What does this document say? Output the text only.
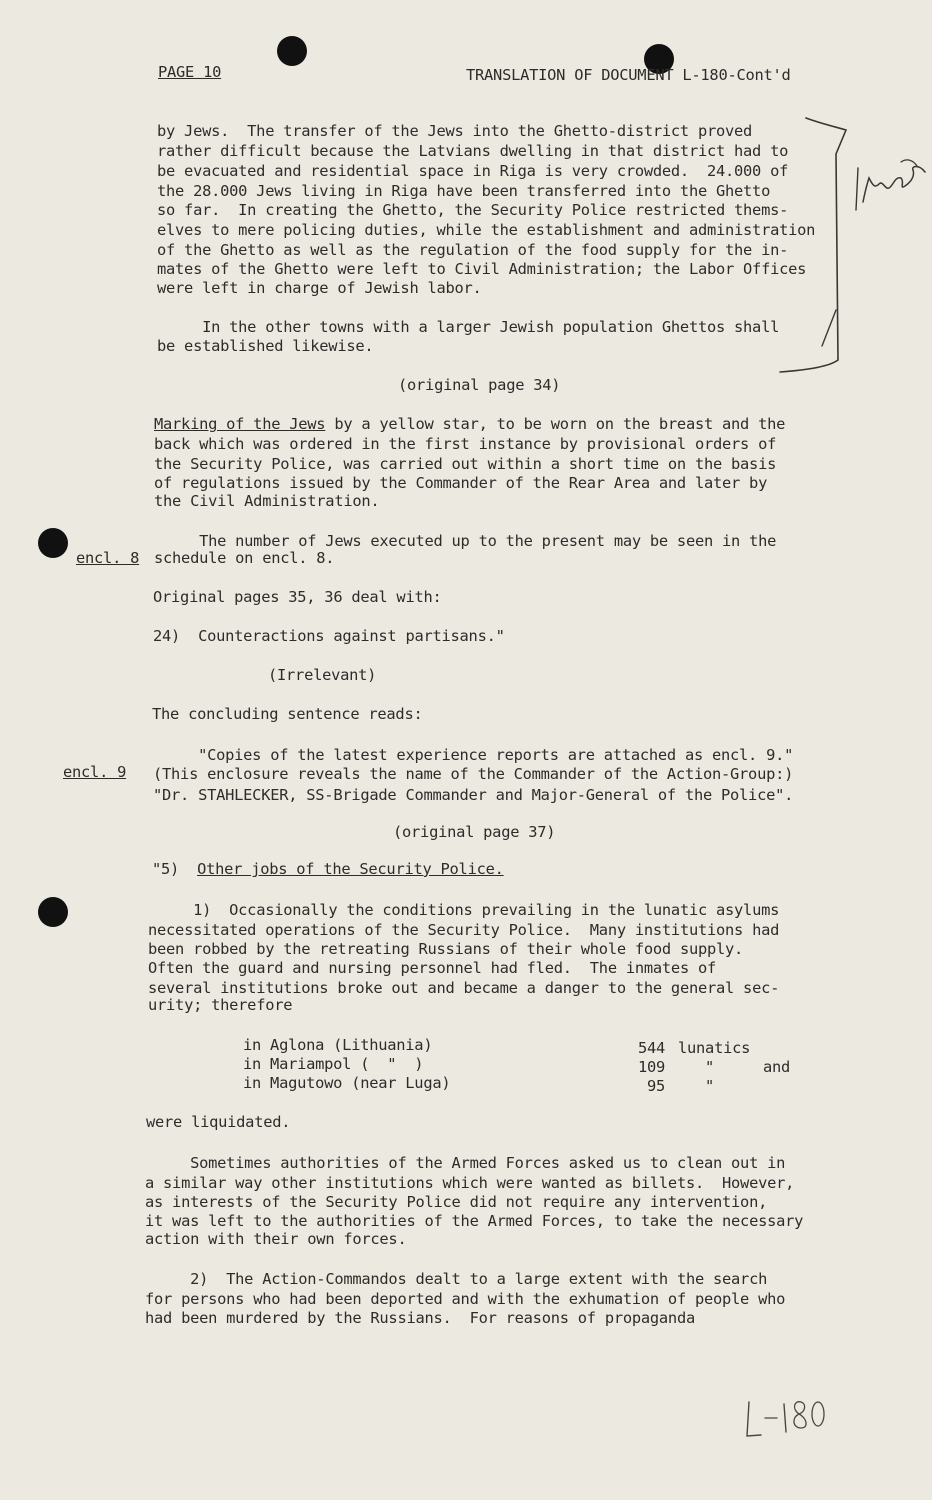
PAGE 10	TRANSLATION OF DOCUMENT L-180-Cont'd
by Jews.  The transfer of the Jews into the Ghetto-district proved
rather difficult because the Latvians dwelling in that district had to
be evacuated and residential space in Riga is very crowded.  24.000 of
the 28.000 Jews living in Riga have been transferred into the Ghetto
so far.  In creating the Ghetto, the Security Police restricted thems-
elves to mere policing duties, while the establishment and administration
of the Ghetto as well as the regulation of the food supply for the in-
mates of the Ghetto were left to Civil Administration; the Labor Offices
were left in charge of Jewish labor.
In the other towns with a larger Jewish population Ghettos shall
be established likewise.
(original page 34)
Marking of the Jews by a yellow star, to be worn on the breast and the
back which was ordered in the first instance by provisional orders of
the Security Police, was carried out within a short time on the basis
of regulations issued by the Commander of the Rear Area and later by
the Civil Administration.
encl. 8
The number of Jews executed up to the present may be seen in the
schedule on encl. 8.
Original pages 35, 36 deal with:
24)  Counteractions against partisans."
(Irrelevant)
The concluding sentence reads:
encl. 9
"Copies of the latest experience reports are attached as encl. 9."
(This enclosure reveals the name of the Commander of the Action-Group:)
"Dr. STAHLECKER, SS-Brigade Commander and Major-General of the Police".
(original page 37)
"5)  Other jobs of the Security Police.
1)  Occasionally the conditions prevailing in the lunatic asylums
necessitated operations of the Security Police.  Many institutions had
been robbed by the retreating Russians of their whole food supply.
Often the guard and nursing personnel had fled.  The inmates of
several institutions broke out and became a danger to the general sec-
urity; therefore
in Aglona (Lithuania)	544 lunatics
in Mariampol (  "  )	109	"	and
in Magutowo (near Luga)	95	"
were liquidated.
Sometimes authorities of the Armed Forces asked us to clean out in
a similar way other institutions which were wanted as billets.  However,
as interests of the Security Police did not require any intervention,
it was left to the authorities of the Armed Forces, to take the necessary
action with their own forces.
2)  The Action-Commandos dealt to a large extent with the search
for persons who had been deported and with the exhumation of people who
had been murdered by the Russians.  For reasons of propaganda
